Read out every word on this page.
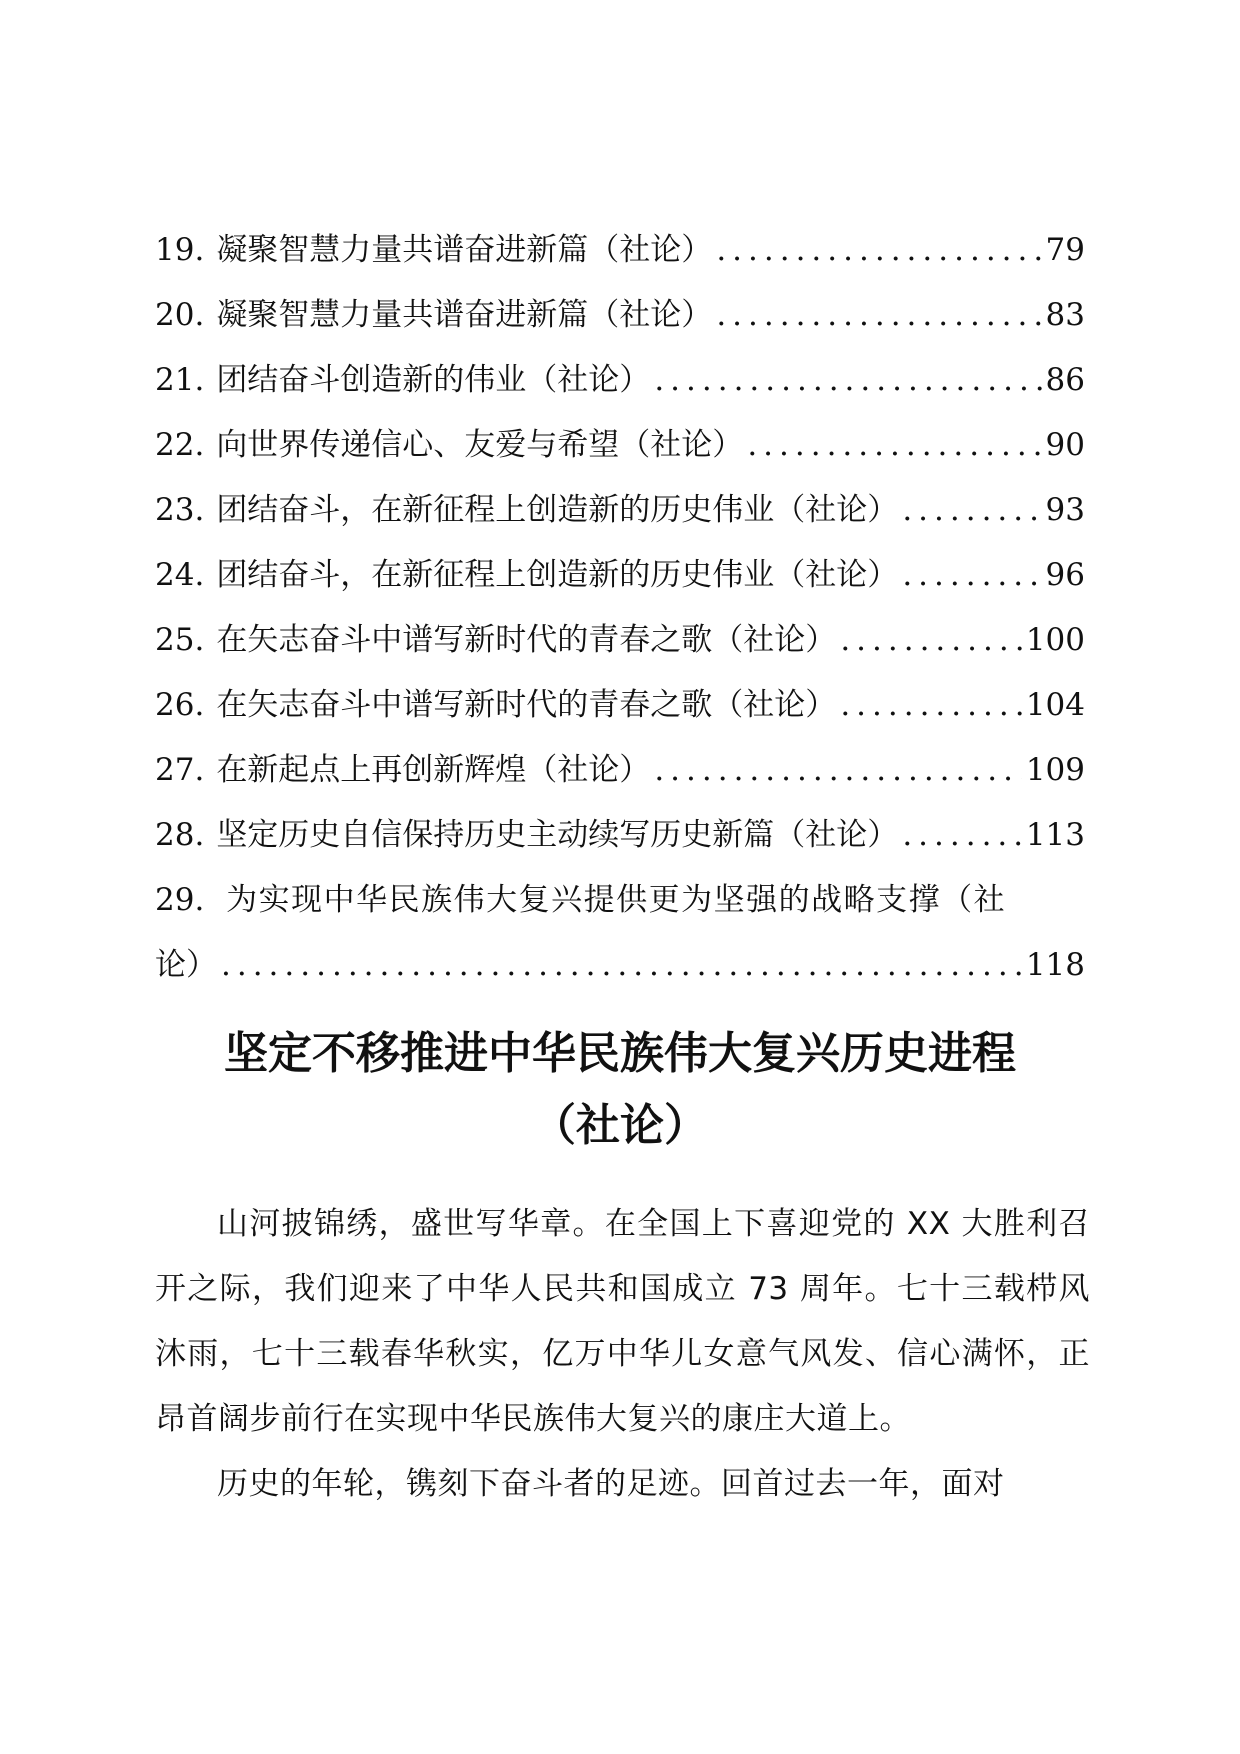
19. 凝聚智慧力量共谱奋进新篇（社论） .....	79
20. 凝聚智慧力量共谱奋进新篇（社论） .....	83
21. 团结奋斗创造新的伟业（社论） .....	86
22. 向世界传递信心、友爱与希望（社论） .....	90
23. 团结奋斗，在新征程上创造新的历史伟业（社论） .....	93
24. 团结奋斗，在新征程上创造新的历史伟业（社论） .....	96
25. 在矢志奋斗中谱写新时代的青春之歌（社论） .....	100
26. 在矢志奋斗中谱写新时代的青春之歌（社论） .....	104
27. 在新起点上再创新辉煌（社论） .....	109
28. 坚定历史自信保持历史主动续写历史新篇（社论） .....	113
29. 为实现中华民族伟大复兴提供更为坚强的战略支撑（社
论） .....	118
坚定不移推进中华民族伟大复兴历史进程
（社论）

山河披锦绣，盛世写华章。在全国上下喜迎党的 XX 大胜利召开之际，我们迎来了中华人民共和国成立 73 周年。七十三载栉风沐雨，七十三载春华秋实，亿万中华儿女意气风发、信心满怀，正昂首阔步前行在实现中华民族伟大复兴的康庄大道上。

历史的年轮，镌刻下奋斗者的足迹。回首过去一年，面对
